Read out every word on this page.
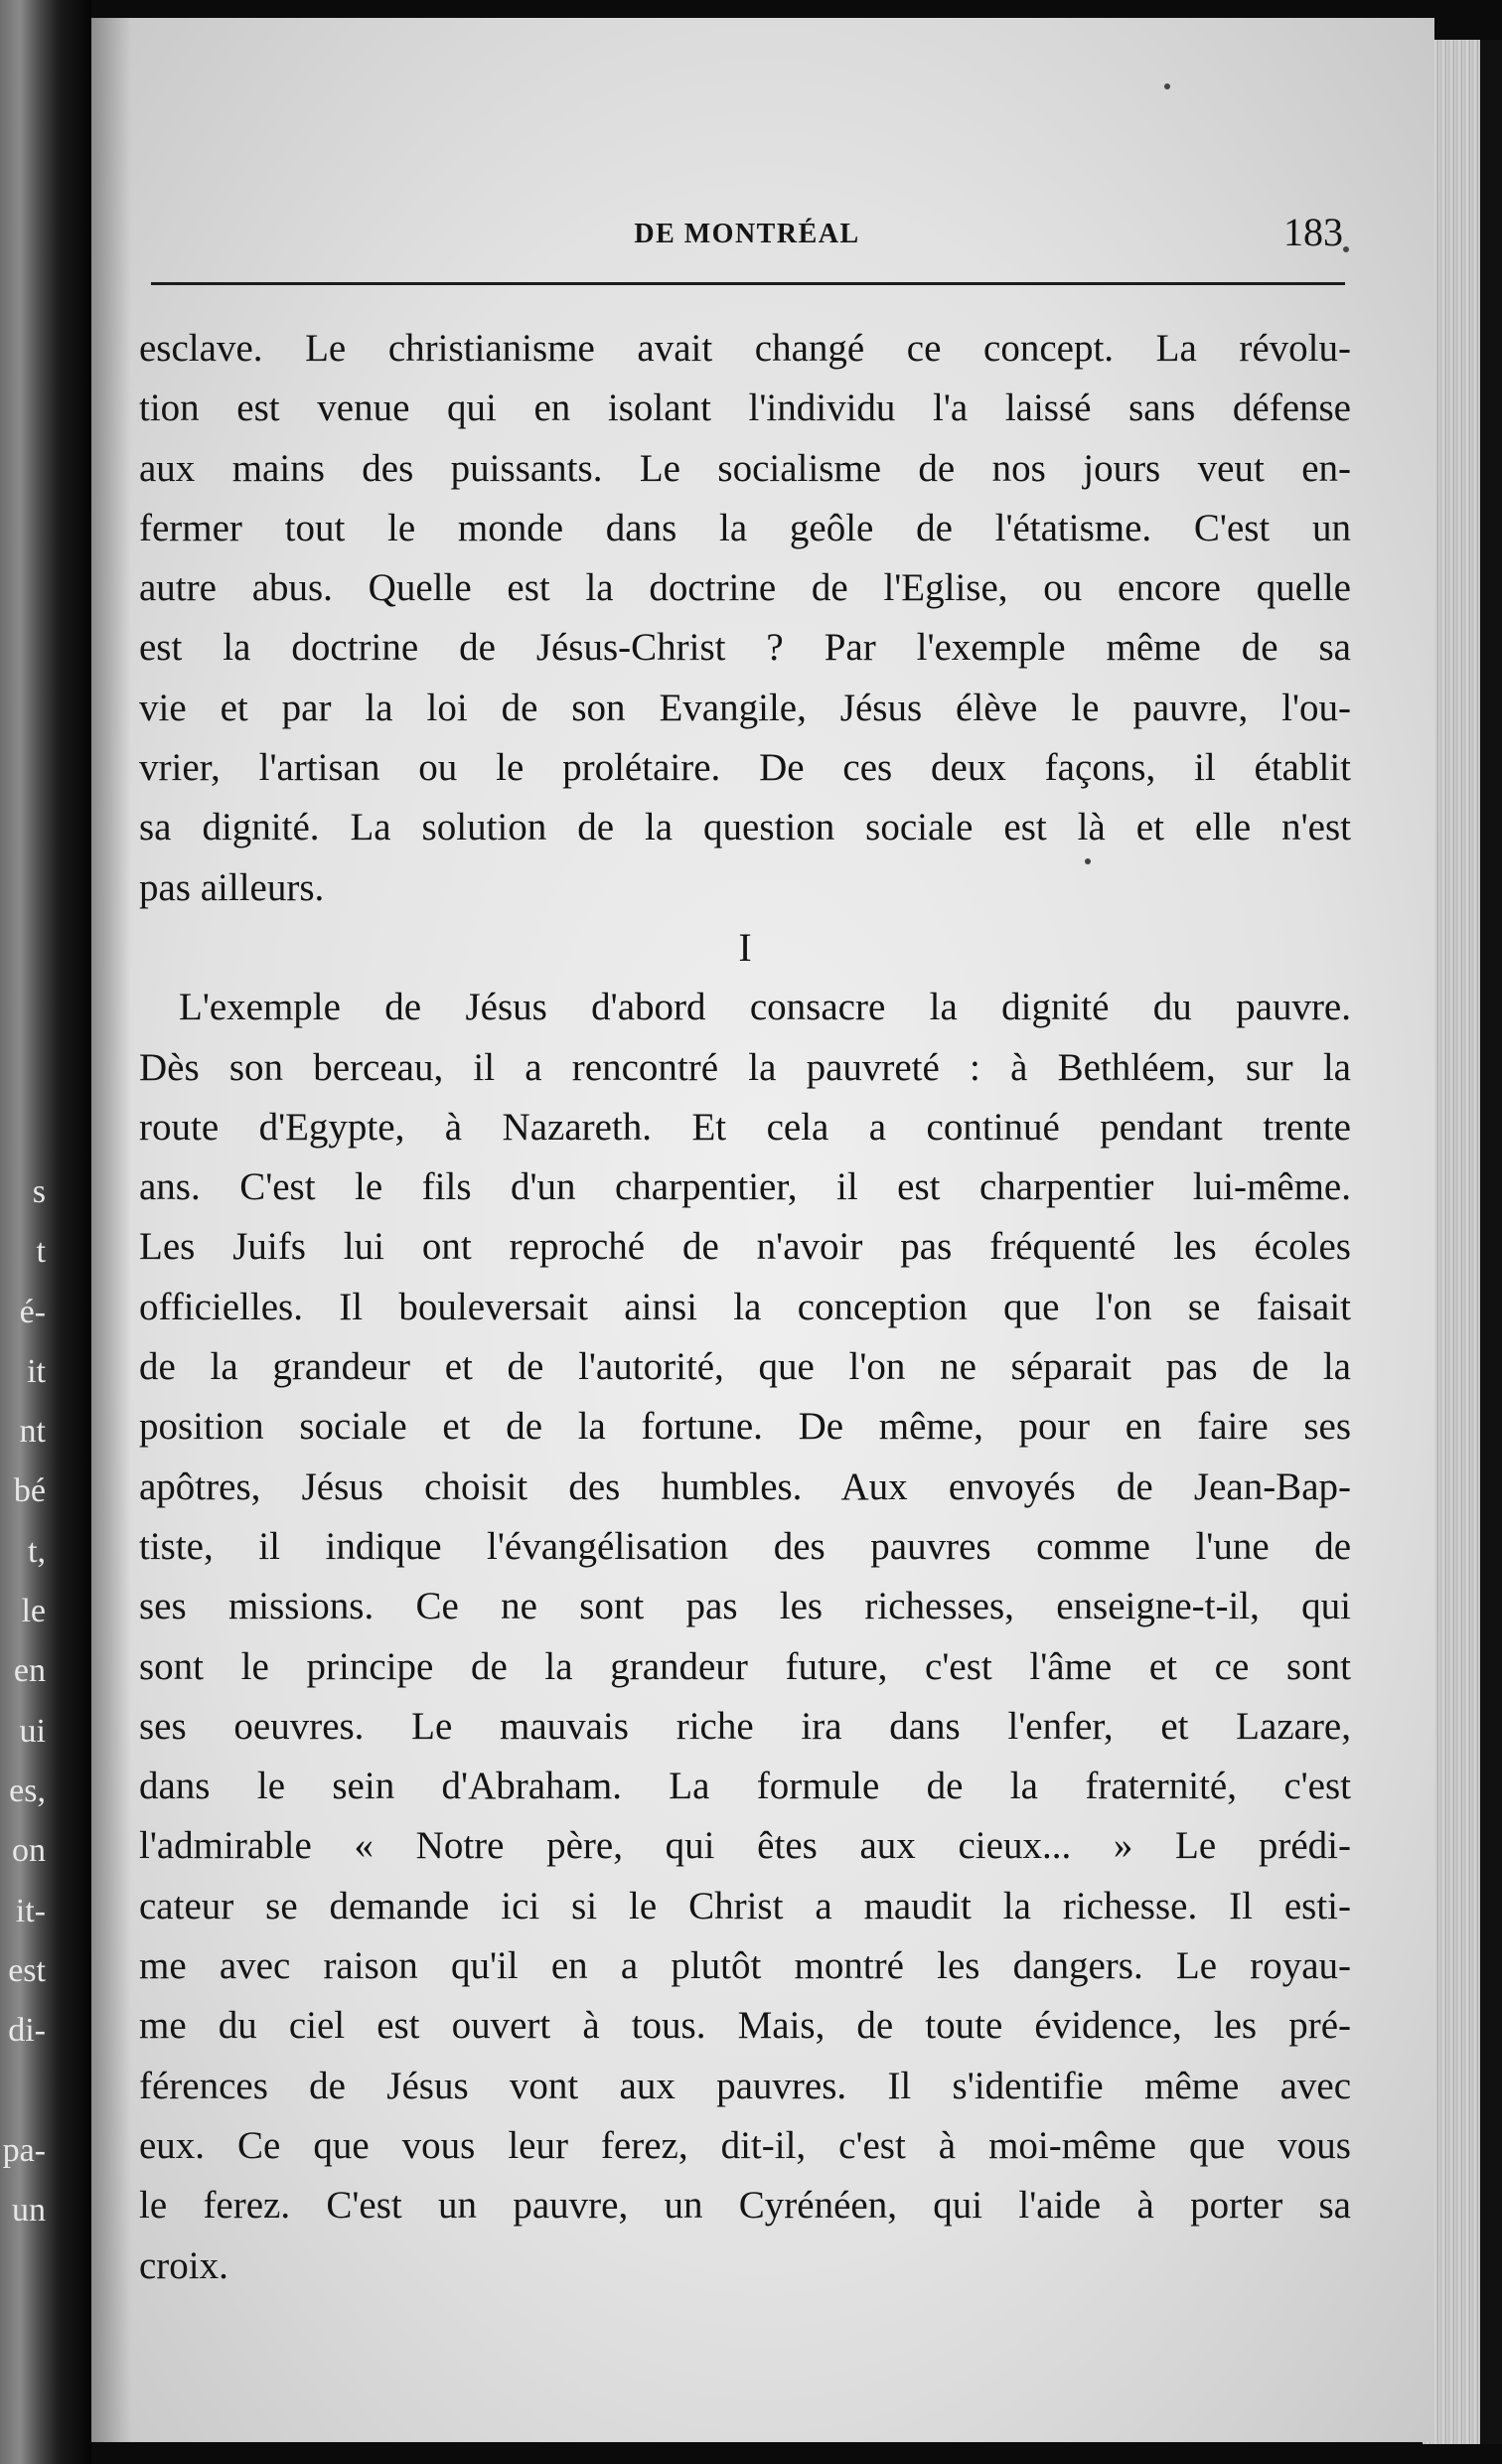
s
t
é-
it
nt
bé
t,
le
en
ui
es,
on
it-
est
di-
pa-
un
DE MONTRÉAL	183
esclave. Le christianisme avait changé ce concept. La révolu-
tion est venue qui en isolant l'individu l'a laissé sans défense
aux mains des puissants. Le socialisme de nos jours veut en-
fermer tout le monde dans la geôle de l'étatisme. C'est un
autre abus. Quelle est la doctrine de l'Eglise, ou encore quelle
est la doctrine de Jésus-Christ ? Par l'exemple même de sa
vie et par la loi de son Evangile, Jésus élève le pauvre, l'ou-
vrier, l'artisan ou le prolétaire. De ces deux façons, il établit
sa dignité. La solution de la question sociale est là et elle n'est
pas ailleurs.
I
L'exemple de Jésus d'abord consacre la dignité du pauvre.
Dès son berceau, il a rencontré la pauvreté : à Bethléem, sur la
route d'Egypte, à Nazareth. Et cela a continué pendant trente
ans. C'est le fils d'un charpentier, il est charpentier lui-même.
Les Juifs lui ont reproché de n'avoir pas fréquenté les écoles
officielles. Il bouleversait ainsi la conception que l'on se faisait
de la grandeur et de l'autorité, que l'on ne séparait pas de la
position sociale et de la fortune. De même, pour en faire ses
apôtres, Jésus choisit des humbles. Aux envoyés de Jean-Bap-
tiste, il indique l'évangélisation des pauvres comme l'une de
ses missions. Ce ne sont pas les richesses, enseigne-t-il, qui
sont le principe de la grandeur future, c'est l'âme et ce sont
ses oeuvres. Le mauvais riche ira dans l'enfer, et Lazare,
dans le sein d'Abraham. La formule de la fraternité, c'est
l'admirable « Notre père, qui êtes aux cieux... » Le prédi-
cateur se demande ici si le Christ a maudit la richesse. Il esti-
me avec raison qu'il en a plutôt montré les dangers. Le royau-
me du ciel est ouvert à tous. Mais, de toute évidence, les pré-
férences de Jésus vont aux pauvres. Il s'identifie même avec
eux. Ce que vous leur ferez, dit-il, c'est à moi-même que vous
le ferez. C'est un pauvre, un Cyrénéen, qui l'aide à porter sa
croix.
